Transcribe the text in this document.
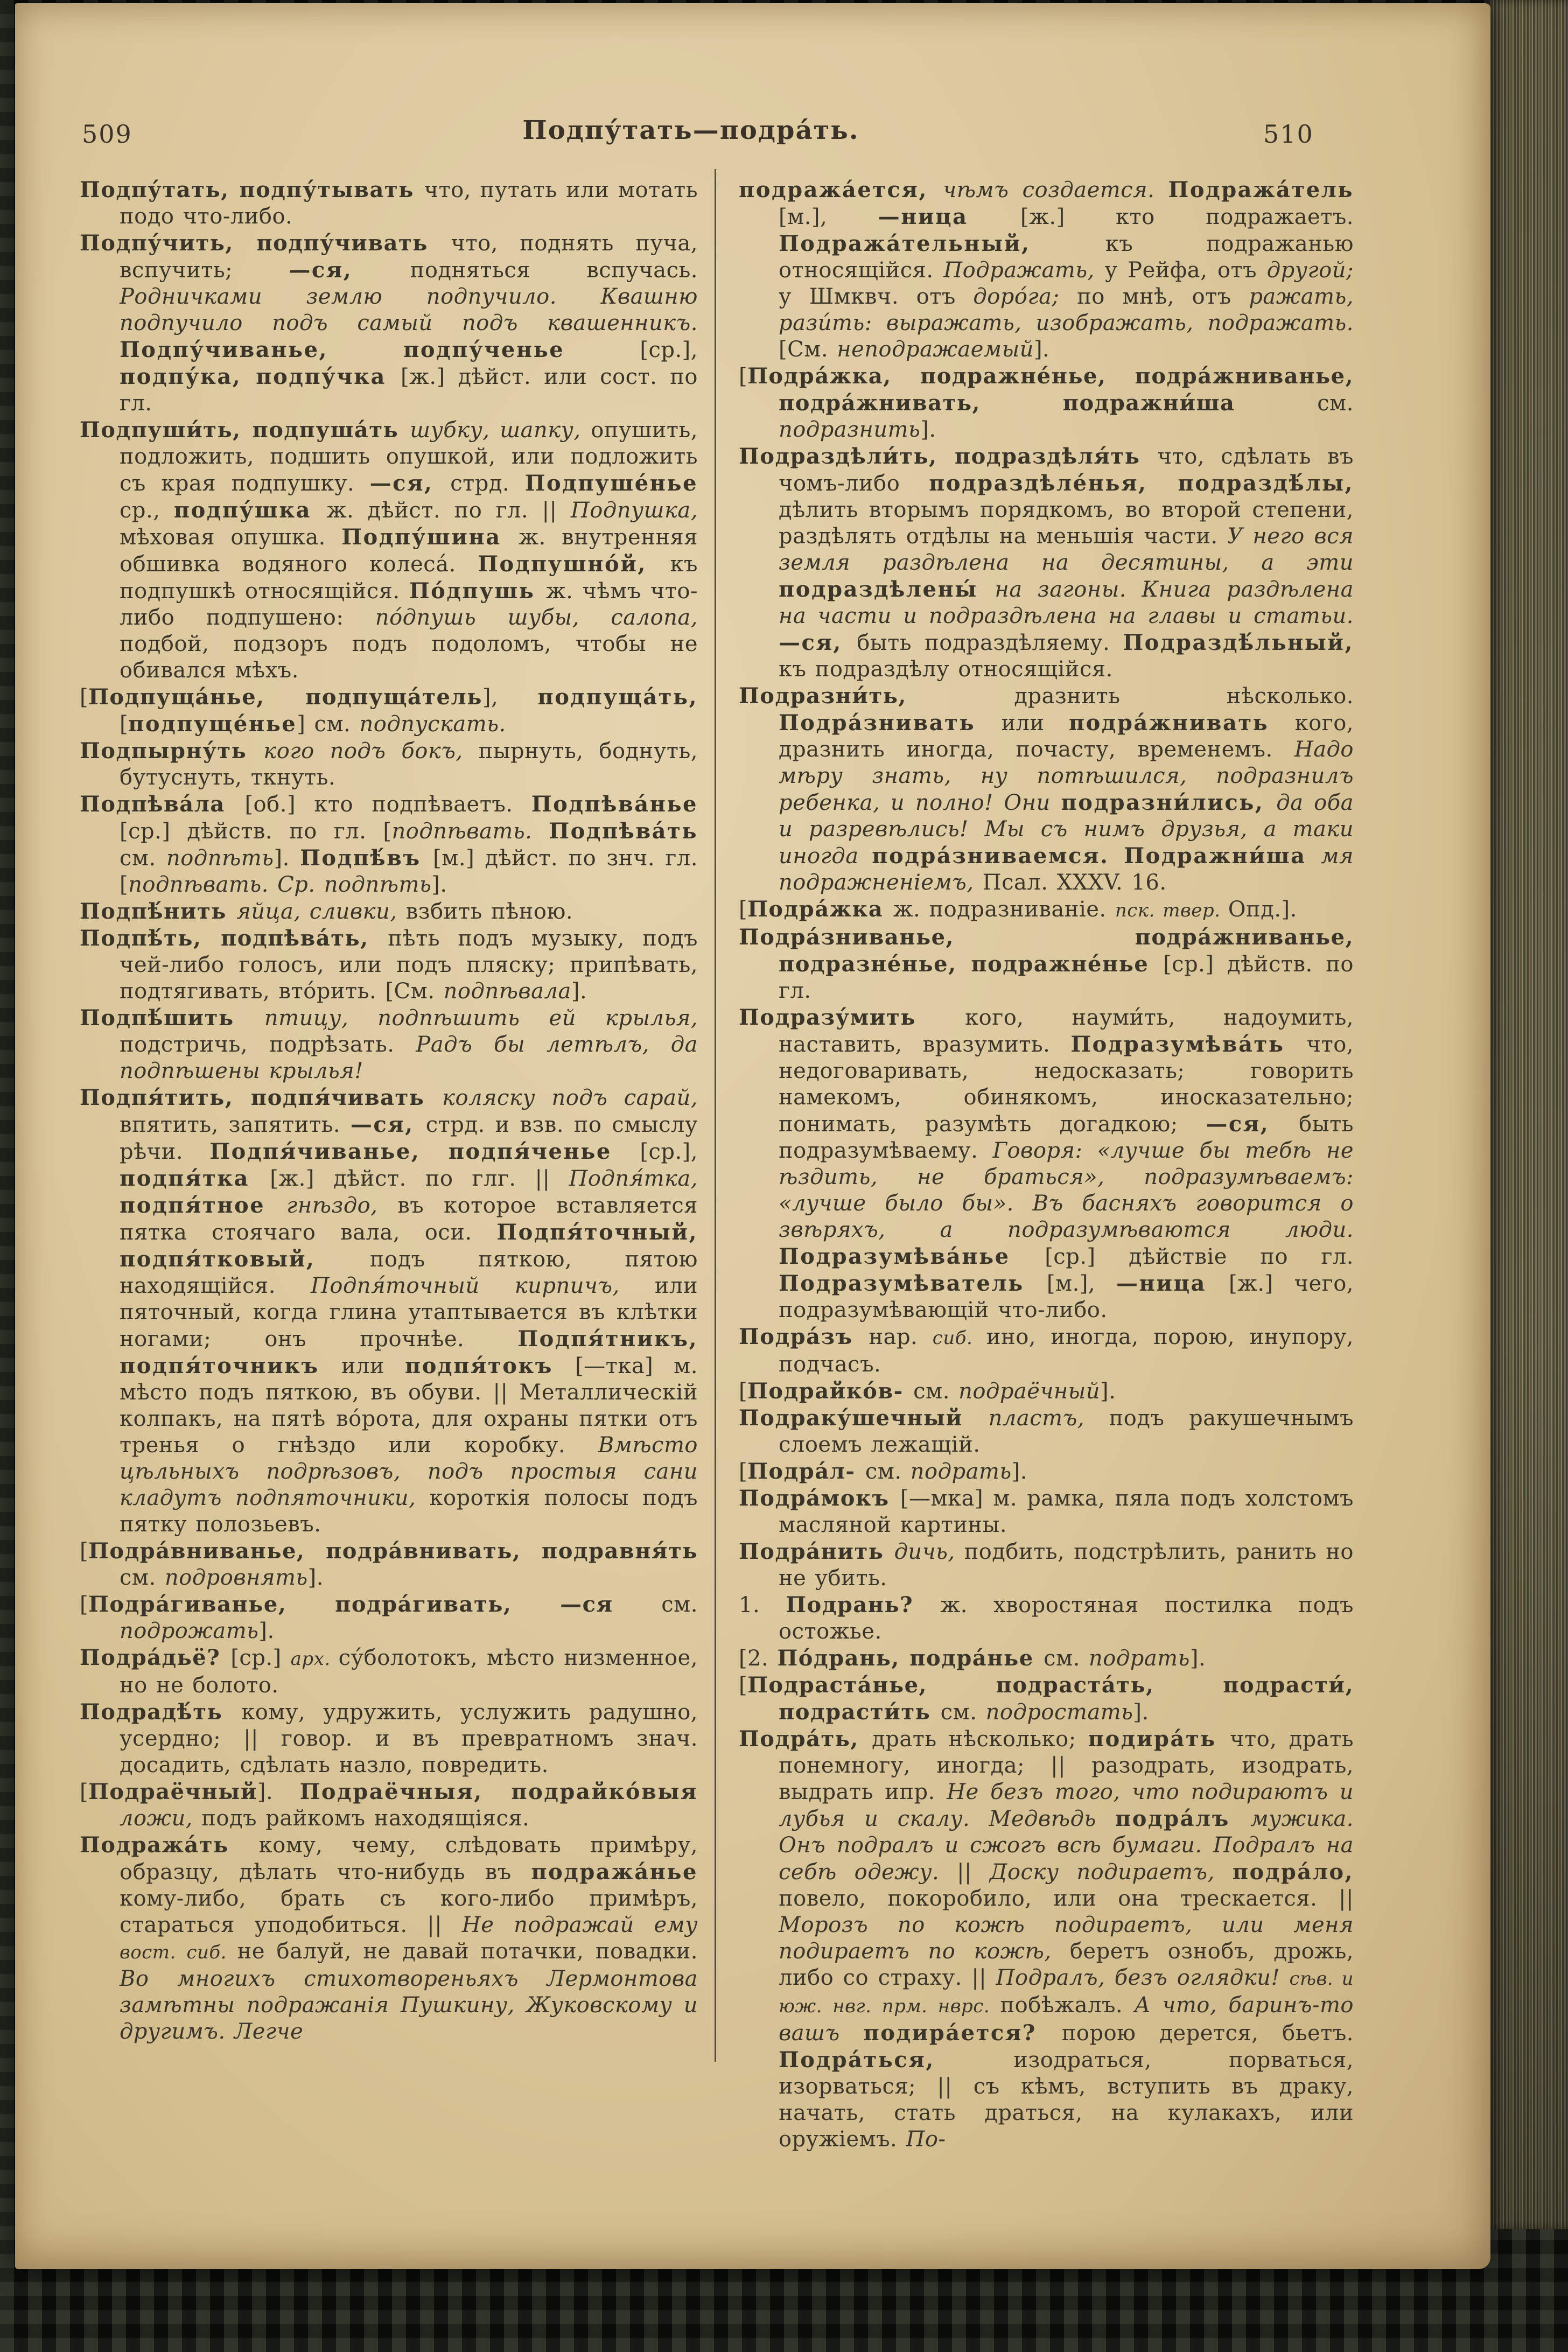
509	Подпу́тать—подра́ть.	510

Подпу́тать, подпу́тывать что, путать или мотать подо что-либо.

Подпу́чить, подпу́чивать что, поднять пуча, вспучить; —ся, подняться вспучась. Родничками землю подпучило. Квашню подпучило подъ самый подъ квашенникъ. Подпу́чиванье, подпу́ченье [ср.], подпу́ка, подпу́чка [ж.] дѣйст. или сост. по гл.

Подпуши́ть, подпуша́ть шубку, шапку, опушить, подложить, подшить опушкой, или подложить съ края подпушку. —ся, стрд. Подпуше́нье ср., подпу́шка ж. дѣйст. по гл. || Подпушка, мѣховая опушка. Подпу́шина ж. внутренняя обшивка водяного колеса́. Подпушно́й, къ подпушкѣ относящійся. По́дпушь ж. чѣмъ что-либо подпушено: по́дпушь шубы, салопа, подбой, подзоръ подъ подоломъ, чтобы не обивался мѣхъ.

[Подпуща́нье, подпуща́тель], подпуща́ть, [подпуще́нье] см. подпускать.

Подпырну́ть кого подъ бокъ, пырнуть, боднуть, бутуснуть, ткнуть.

Подпѣва́ла [об.] кто подпѣваетъ. Подпѣва́нье [ср.] дѣйств. по гл. [подпѣвать. Подпѣва́ть см. подпѣть]. Подпѣ́въ [м.] дѣйст. по знч. гл. [подпѣвать. Ср. подпѣть].

Подпѣ́нить яйца, сливки, взбить пѣною.

Подпѣ́ть, подпѣва́ть, пѣть подъ музыку, подъ чей-либо голосъ, или подъ пляску; припѣвать, подтягивать, вто́рить. [См. подпѣвала].

Подпѣ́шить птицу, подпѣшить ей крылья, подстричь, подрѣзать. Радъ бы летѣлъ, да подпѣшены крылья!

Подпя́тить, подпя́чивать коляску подъ сарай, впятить, запятить. —ся, стрд. и взв. по смыслу рѣчи. Подпя́чиванье, подпя́ченье [ср.], подпя́тка [ж.] дѣйст. по глг. || Подпя́тка, подпя́тное гнѣздо, въ которое вставляется пятка стоячаго вала, оси. Подпя́точный, подпя́тковый, подъ пяткою, пятою находящійся. Подпя́точный кирпичъ, или пяточный, когда глина утаптывается въ клѣтки ногами; онъ прочнѣе. Подпя́тникъ, подпя́точникъ или подпя́токъ [—тка] м. мѣсто подъ пяткою, въ обуви. || Металлическій колпакъ, на пятѣ во́рота, для охраны пятки отъ тренья о гнѣздо или коробку. Вмѣсто цѣльныхъ подрѣзовъ, подъ простыя сани кладутъ подпяточники, короткія полосы подъ пятку полозьевъ.

[Подра́вниванье, подра́внивать, подравня́ть см. подровнять].

[Подра́гиванье, подра́гивать, —ся см. подрожать].

Подра́дьё? [ср.] арх. су́болотокъ, мѣсто низменное, но не болото.

Подрадѣ́ть кому, удружить, услужить радушно, усердно; || говор. и въ превратномъ знач. досадить, сдѣлать назло, повредить.

[Подраёчный]. Подраёчныя, подрайко́выя ложи, подъ райкомъ находящіяся.

Подража́ть кому, чему, слѣдовать примѣру, образцу, дѣлать что-нибудь въ подража́нье кому-либо, брать съ кого-либо примѣръ, стараться уподобиться. || Не подражай ему вост. сиб. не балуй, не давай потачки, повадки. Во многихъ стихотвореньяхъ Лермонтова замѣтны подражанія Пушкину, Жуковскому и другимъ. Легче

подража́ется, чѣмъ создается. Подража́тель [м.], —ница [ж.] кто подражаетъ. Подража́тельный, къ подражанью относящійся. Подражать, у Рейфа, отъ другой; у Шмквч. отъ доро́га; по мнѣ, отъ ражать, рази́ть: выражать, изображать, подражать. [См. неподражаемый].

[Подра́жка, подражне́нье, подра́жниванье, подра́жнивать, подражни́ша см. подразнить].

Подраздѣли́ть, подраздѣля́ть что, сдѣлать въ чомъ-либо подраздѣле́нья, подраздѣ́лы, дѣлить вторымъ порядкомъ, во второй степени, раздѣлять отдѣлы на меньшія части. У него вся земля раздѣлена на десятины, а эти подраздѣлены́ на загоны. Книга раздѣлена на части и подраздѣлена на главы и статьи. —ся, быть подраздѣляему. Подраздѣ́льный, къ подраздѣлу относящійся.

Подразни́ть, дразнить нѣсколько. Подра́знивать или подра́жнивать кого, дразнить иногда, почасту, временемъ. Надо мѣру знать, ну потѣшился, подразнилъ ребенка, и полно! Они подразни́лись, да оба и разревѣлись! Мы съ нимъ друзья, а таки иногда подра́зниваемся. Подражни́ша мя подражненіемъ, Псал. XXXV. 16.

[Подра́жка ж. подразниваніе. пск. твер. Опд.].

Подра́зниванье, подра́жниванье, подразне́нье, подражне́нье [ср.] дѣйств. по гл.

Подразу́мить кого, науми́ть, надоумить, наставить, вразумить. Подразумѣва́ть что, недоговаривать, недосказать; говорить намекомъ, обинякомъ, иносказательно; понимать, разумѣть догадкою; —ся, быть подразумѣваему. Говоря: «лучше бы тебѣ не ѣздить, не браться», подразумѣваемъ: «лучше было бы». Въ басняхъ говорится о звѣряхъ, а подразумѣваются люди. Подразумѣва́нье [ср.] дѣйствіе по гл. Подразумѣватель [м.], —ница [ж.] чего, подразумѣвающій что-либо.

Подра́зъ нар. сиб. ино, иногда, порою, инупору, подчасъ.

[Подрайко́в- см. подраёчный].

Подраку́шечный пластъ, подъ ракушечнымъ слоемъ лежащій.

[Подра́л- см. подрать].

Подра́мокъ [—мка] м. рамка, пяла подъ холстомъ масляной картины.

Подра́нить дичь, подбить, подстрѣлить, ранить но не убить.

1. Подрань? ж. хворостяная постилка подъ остожье.

[2. По́дрань, подра́нье см. подрать].

[Подраста́нье, подраста́ть, подрасти́, подрасти́ть см. подростать].

Подра́ть, драть нѣсколько; подира́ть что, драть понемногу, иногда; || разодрать, изодрать, выдрать ипр. Не безъ того, что подираютъ и лубья и скалу. Медвѣдь подра́лъ мужика. Онъ подралъ и сжогъ всѣ бумаги. Подралъ на себѣ одежу. || Доску подираетъ, подра́ло, повело, покоробило, или она трескается. || Морозъ по кожѣ подираетъ, или меня подираетъ по кожѣ, беретъ ознобъ, дрожь, либо со страху. || Подралъ, безъ оглядки! сѣв. и юж. нвг. прм. нврс. побѣжалъ. А что, баринъ-то вашъ подира́ется? порою дерется, бьетъ. Подра́ться, изодраться, порваться, изорваться; || съ кѣмъ, вступить въ драку, начать, стать драться, на кулакахъ, или оружіемъ. По-
